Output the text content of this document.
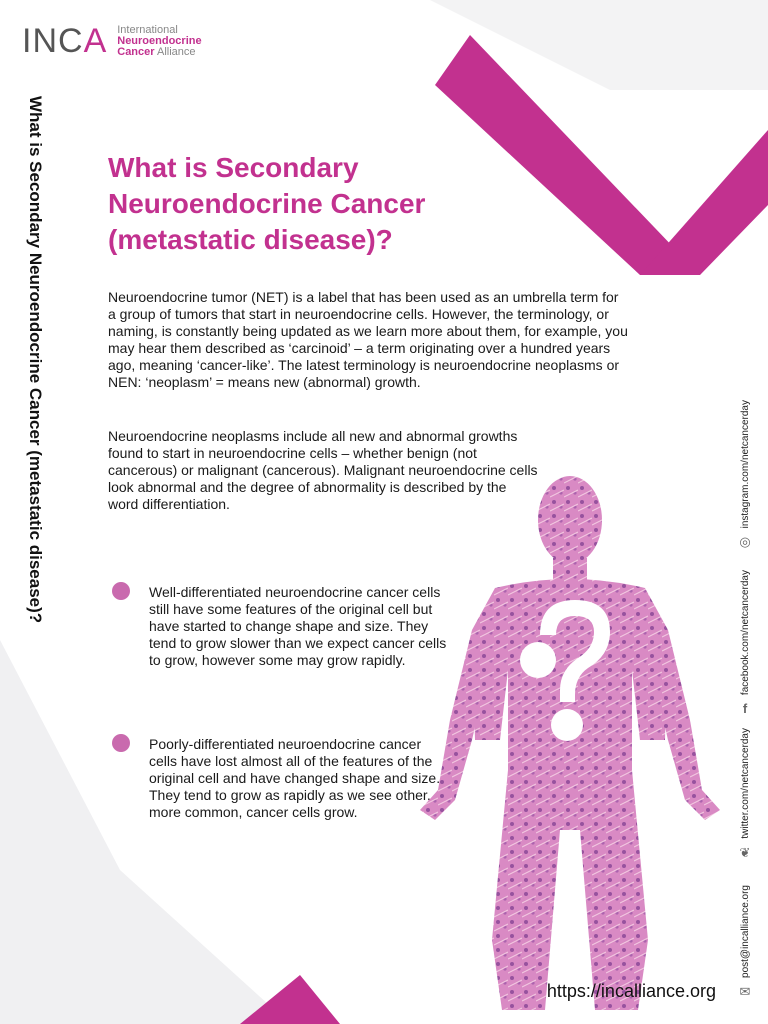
INCA International
Neuroendocrine
Cancer Alliance
What is Secondary Neuroendocrine Cancer (metastatic disease)? What is Secondary Neuroendocrine Cancer (metastatic disease)?

Neuroendocrine tumor (NET) is a label that has been used as an umbrella term for a group of tumors that start in neuroendocrine cells. However, the terminology, or naming, is constantly being updated as we learn more about them, for example, you may hear them described as ‘carcinoid’ – a term originating over a hundred years ago, meaning ‘cancer-like’. The latest terminology is neuroendocrine neoplasms or NEN: ‘neoplasm’ = means new (abnormal) growth.

Neuroendocrine neoplasms include all new and abnormal growths found to start in neuroendocrine cells – whether benign (not cancerous) or malignant (cancerous). Malignant neuroendocrine cells look abnormal and the degree of abnormality is described by the word differentiation.

Well-differentiated neuroendocrine cancer cells still have some features of the original cell but have started to change shape and size. They tend to grow slower than we expect cancer cells to grow, however some may grow rapidly.
Poorly-differentiated neuroendocrine cancer cells have lost almost all of the features of the original cell and have changed shape and size. They tend to grow as rapidly as we see other, more common, cancer cells grow.
instagram.com/netcancerday
◎
facebook.com/netcancerday
f
twitter.com/netcancerday
❦
post@incalliance.org
✉
https://incalliance.org
